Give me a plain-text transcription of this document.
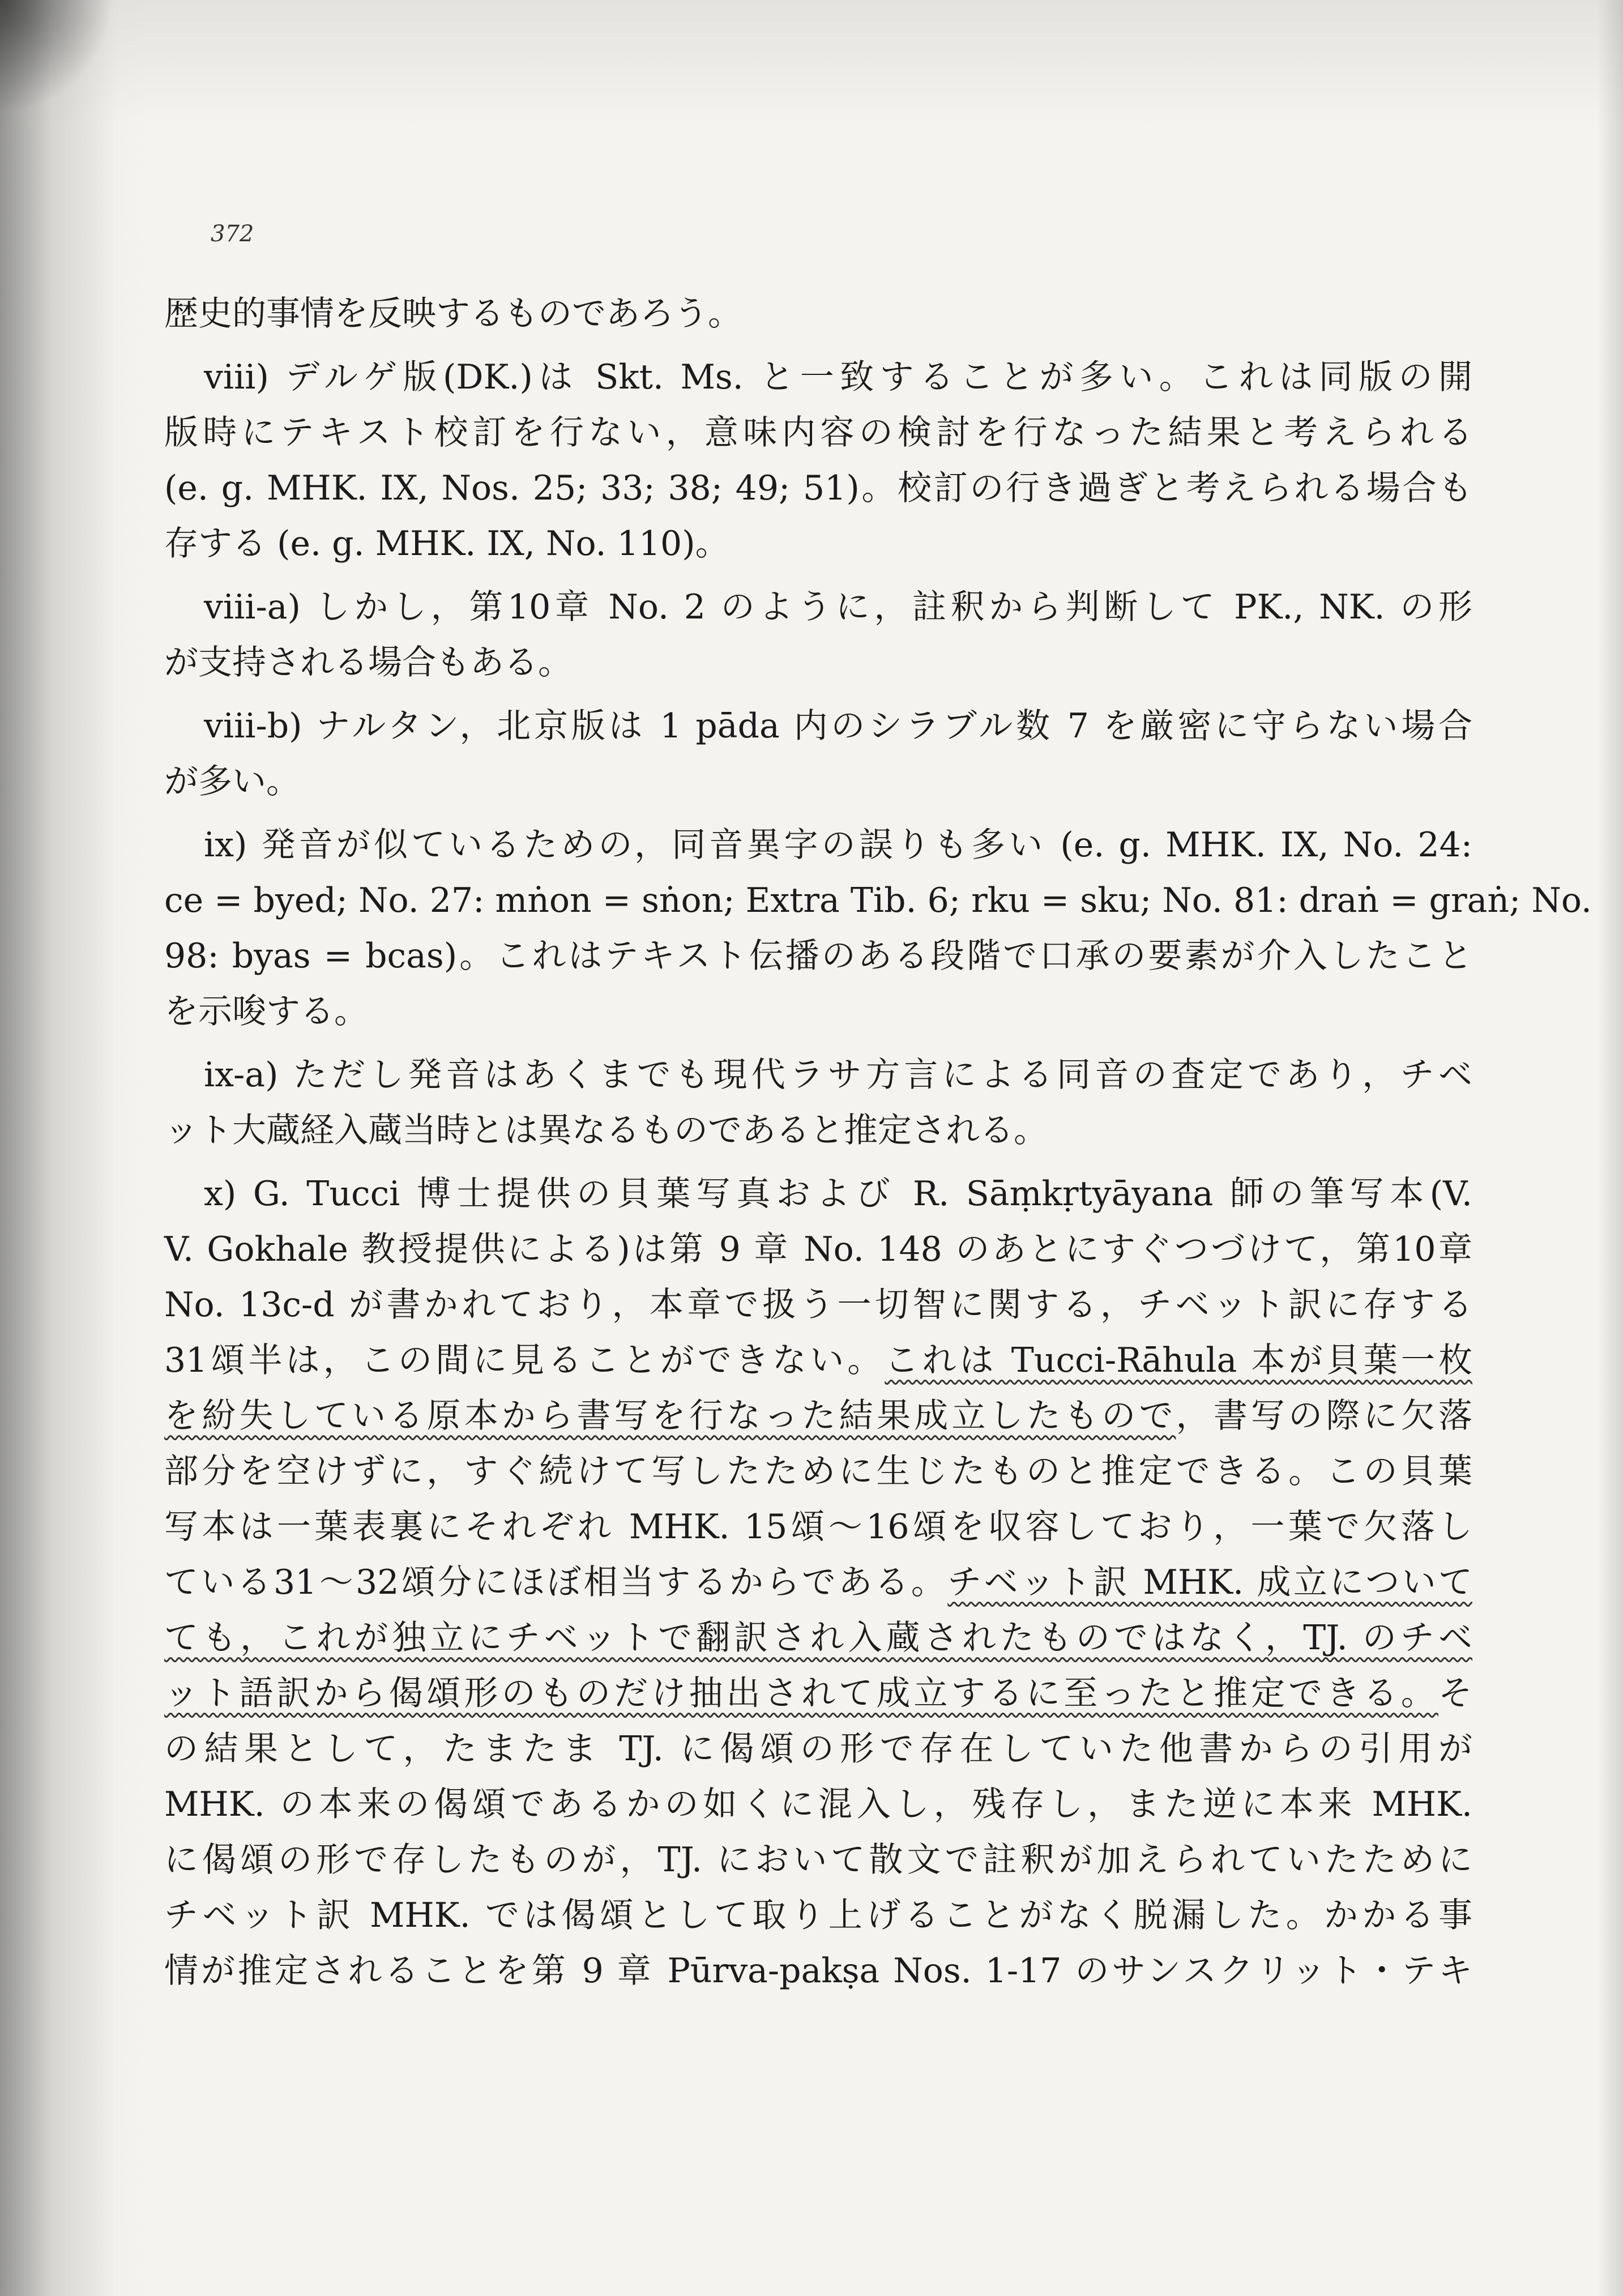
372
歴史的事情を反映するものであろう。
viii) デルゲ版(DK.)は Skt. Ms. と一致することが多い。これは同版の開
版時にテキスト校訂を行ない，意味内容の検討を行なった結果と考えられる
(e. g. MHK. IX, Nos. 25; 33; 38; 49; 51)。校訂の行き過ぎと考えられる場合も
存する (e. g. MHK. IX, No. 110)。
viii-a) しかし，第10章 No. 2 のように，註釈から判断して PK., NK. の形
が支持される場合もある。
viii-b) ナルタン，北京版は 1 pāda 内のシラブル数 7 を厳密に守らない場合
が多い。
ix) 発音が似ているための，同音異字の誤りも多い (e. g. MHK. IX, No. 24:
ce = byed; No. 27: mṅon = sṅon; Extra Tib. 6; rku = sku; No. 81: draṅ = graṅ; No.
98: byas = bcas)。これはテキスト伝播のある段階で口承の要素が介入したこと
を示唆する。
ix-a) ただし発音はあくまでも現代ラサ方言による同音の査定であり，チベ
ット大蔵経入蔵当時とは異なるものであると推定される。
x) G. Tucci 博士提供の貝葉写真および R. Sāṃkṛtyāyana 師の筆写本(V.
V. Gokhale 教授提供による)は第 9 章 No. 148 のあとにすぐつづけて，第10章
No. 13c-d が書かれており，本章で扱う一切智に関する，チベット訳に存する
31頌半は，この間に見ることができない。これは Tucci-Rāhula 本が貝葉一枚
を紛失している原本から書写を行なった結果成立したもので，書写の際に欠落
部分を空けずに，すぐ続けて写したために生じたものと推定できる。この貝葉
写本は一葉表裏にそれぞれ MHK. 15頌〜16頌を収容しており，一葉で欠落し
ている31〜32頌分にほぼ相当するからである。チベット訳 MHK. 成立について
ても，これが独立にチベットで翻訳され入蔵されたものではなく，TJ. のチベ
ット語訳から偈頌形のものだけ抽出されて成立するに至ったと推定できる。そ
の結果として，たまたま TJ. に偈頌の形で存在していた他書からの引用が
MHK. の本来の偈頌であるかの如くに混入し，残存し，また逆に本来 MHK.
に偈頌の形で存したものが，TJ. において散文で註釈が加えられていたために
チベット訳 MHK. では偈頌として取り上げることがなく脱漏した。かかる事
情が推定されることを第 9 章 Pūrva-pakṣa Nos. 1-17 のサンスクリット・テキ
